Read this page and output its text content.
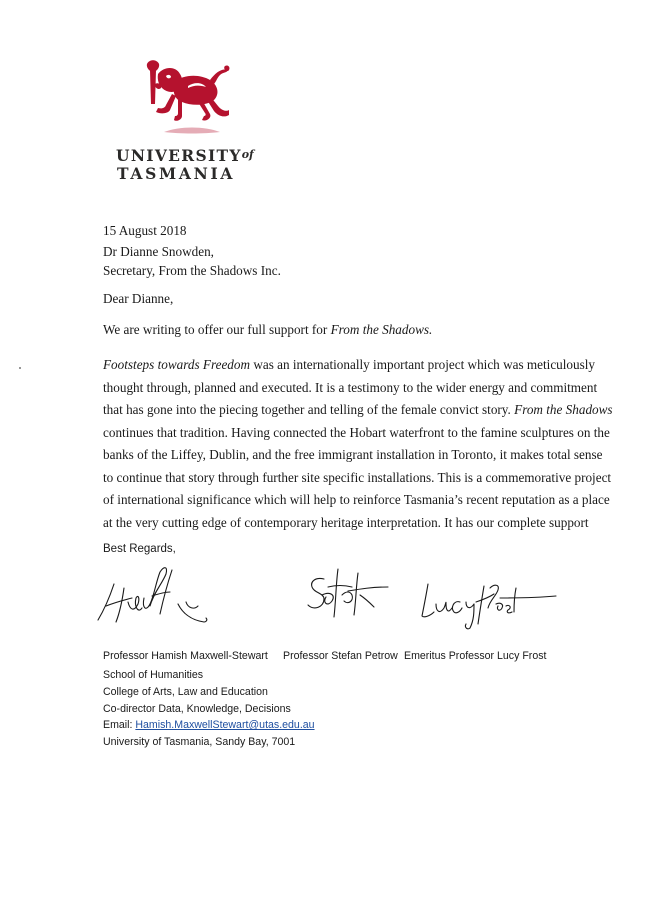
UNIVERSITYof
TASMANIA
15 August 2018
Dr Dianne Snowden,
Secretary, From the Shadows Inc.
Dear Dianne,
We are writing to offer our full support for From the Shadows.
Footsteps towards Freedom was an internationally important project which was meticulously
thought through, planned and executed. It is a testimony to the wider energy and commitment
that has gone into the piecing together and telling of the female convict story. From the Shadows
continues that tradition. Having connected the Hobart waterfront to the famine sculptures on the
banks of the Liffey, Dublin, and the free immigrant installation in Toronto, it makes total sense
to continue that story through further site specific installations. This is a commemorative project
of international significance which will help to reinforce Tasmania’s recent reputation as a place
at the very cutting edge of contemporary heritage interpretation. It has our complete support
Best Regards,
Professor Hamish Maxwell-Stewart Professor Stefan Petrow Emeritus Professor Lucy Frost
School of Humanities
College of Arts, Law and Education
Co-director Data, Knowledge, Decisions
Email: Hamish.MaxwellStewart@utas.edu.au
University of Tasmania, Sandy Bay, 7001
